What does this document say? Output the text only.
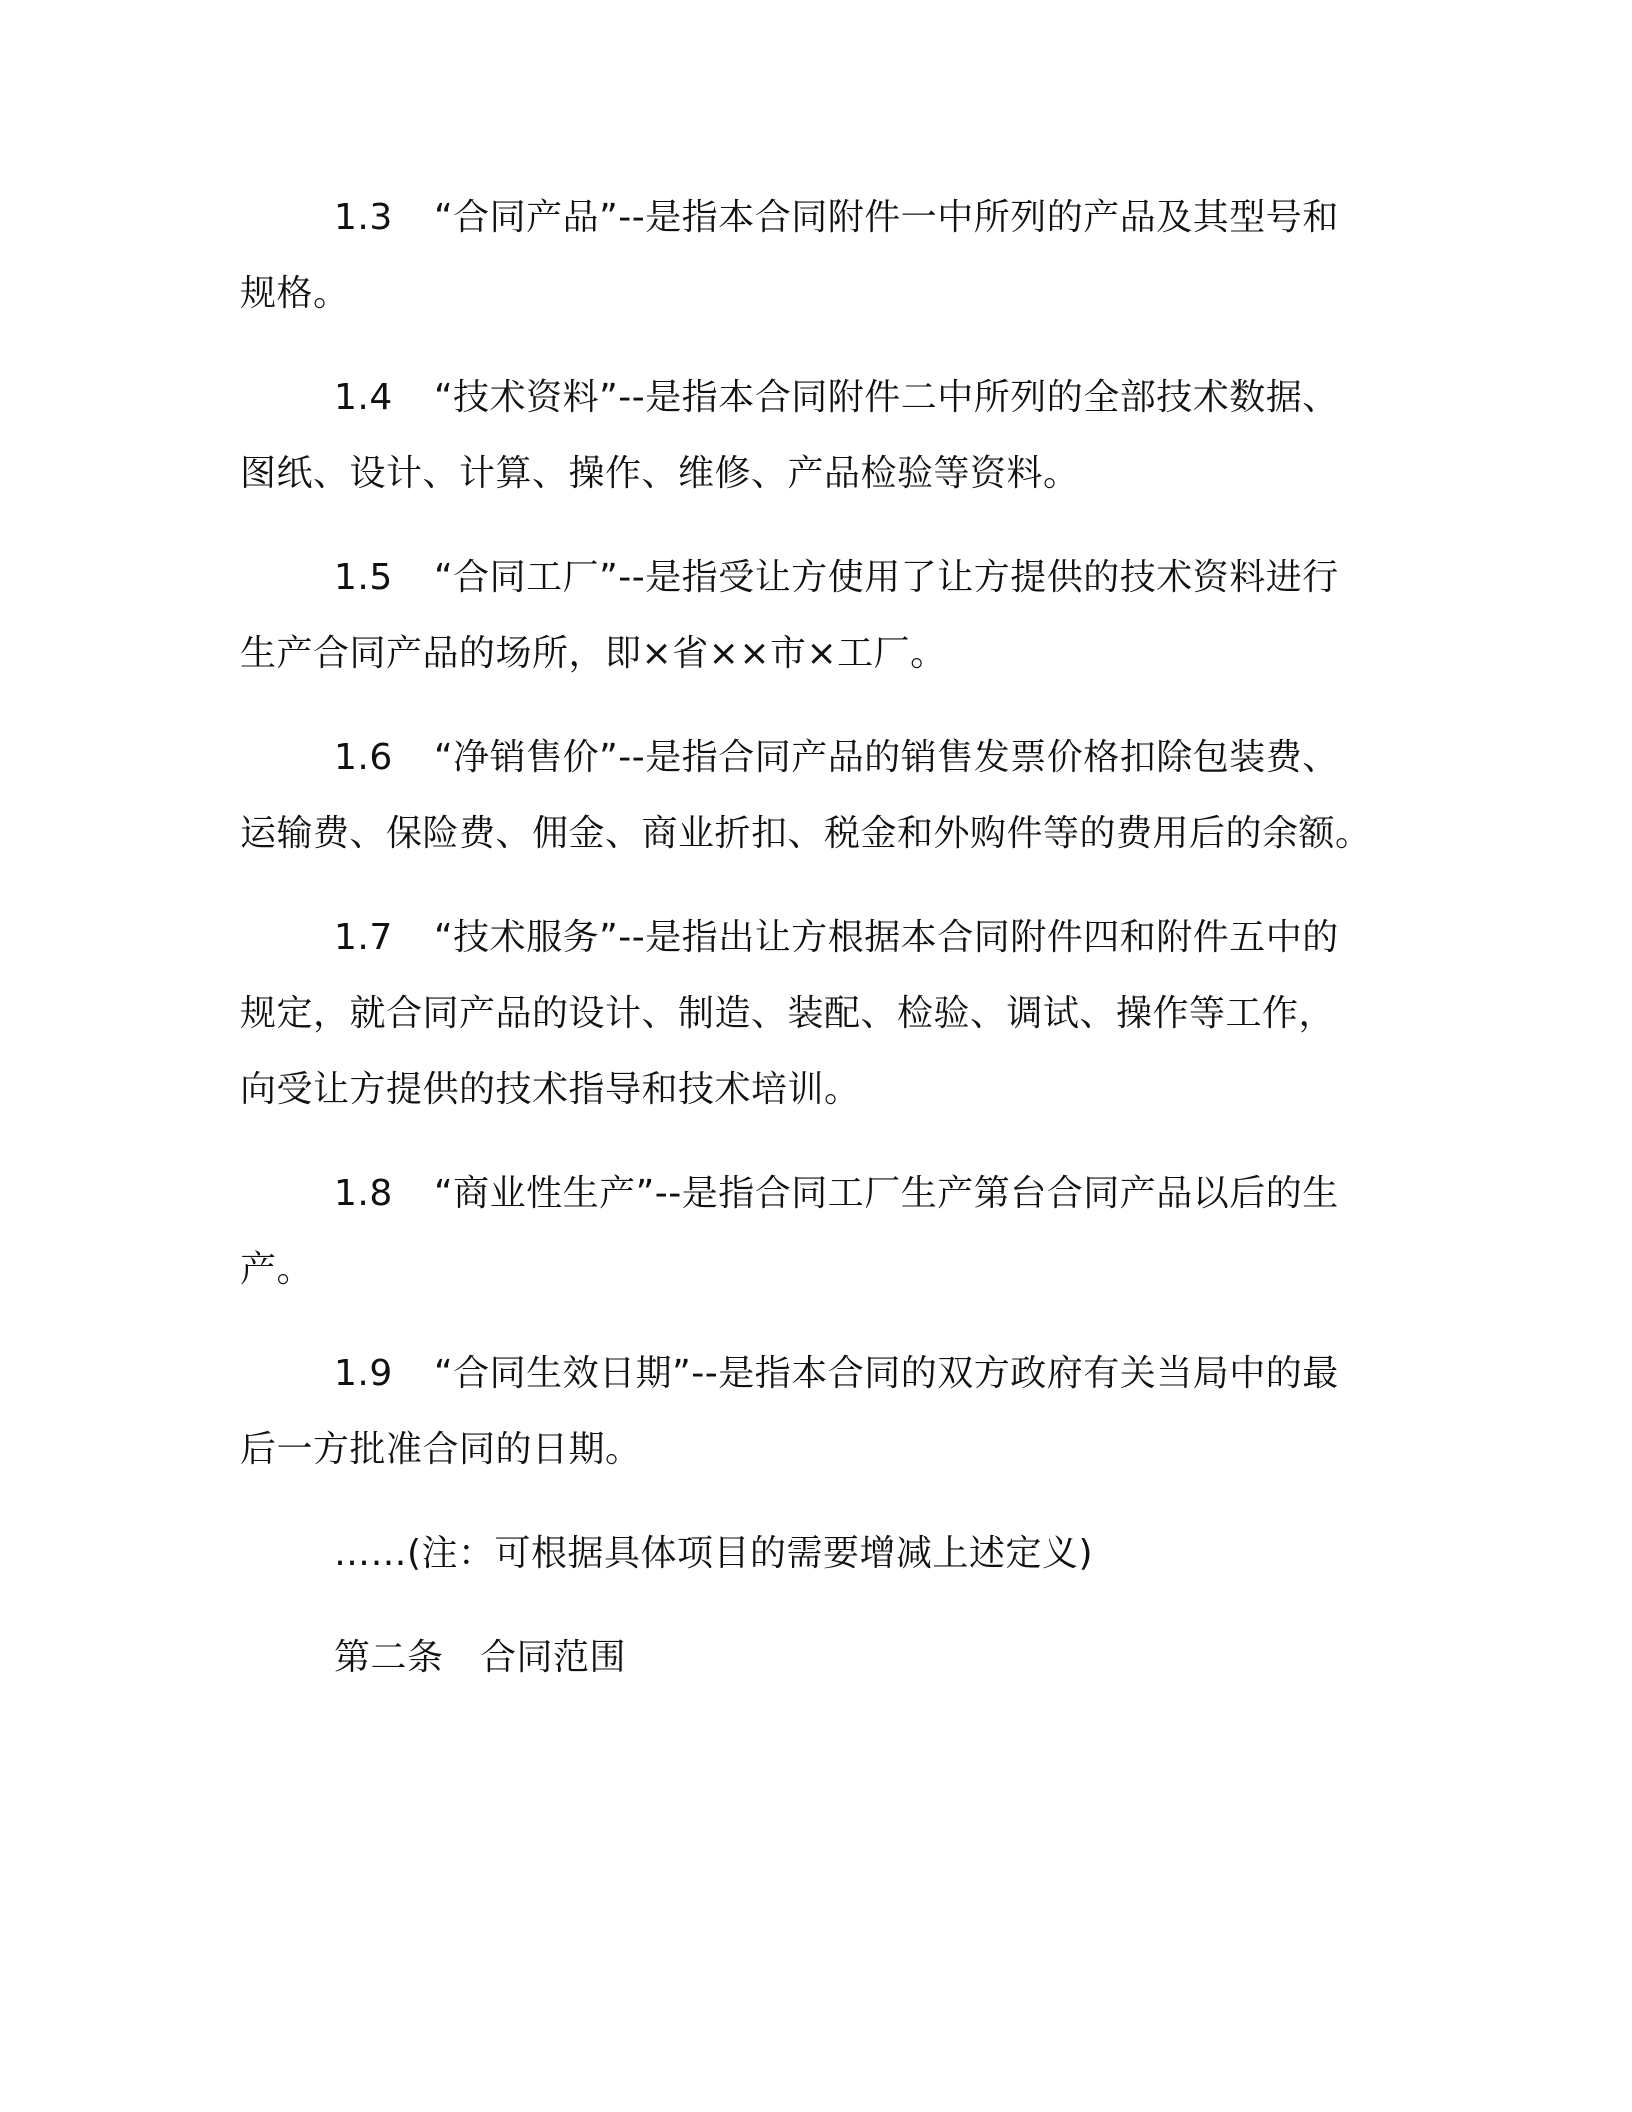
1.3 “合同产品”--是指本合同附件一中所列的产品及其型号和
规格。
1.4 “技术资料”--是指本合同附件二中所列的全部技术数据、
图纸、设计、计算、操作、维修、产品检验等资料。
1.5 “合同工厂”--是指受让方使用了让方提供的技术资料进行
生产合同产品的场所，即×省××市×工厂。
1.6 “净销售价”--是指合同产品的销售发票价格扣除包装费、
运输费、保险费、佣金、商业折扣、税金和外购件等的费用后的余额。
1.7 “技术服务”--是指出让方根据本合同附件四和附件五中的
规定，就合同产品的设计、制造、装配、检验、调试、操作等工作，
向受让方提供的技术指导和技术培训。
1.8 “商业性生产”--是指合同工厂生产第台合同产品以后的生
产。
1.9 “合同生效日期”--是指本合同的双方政府有关当局中的最
后一方批准合同的日期。
……(注：可根据具体项目的需要增减上述定义)
第二条　合同范围
